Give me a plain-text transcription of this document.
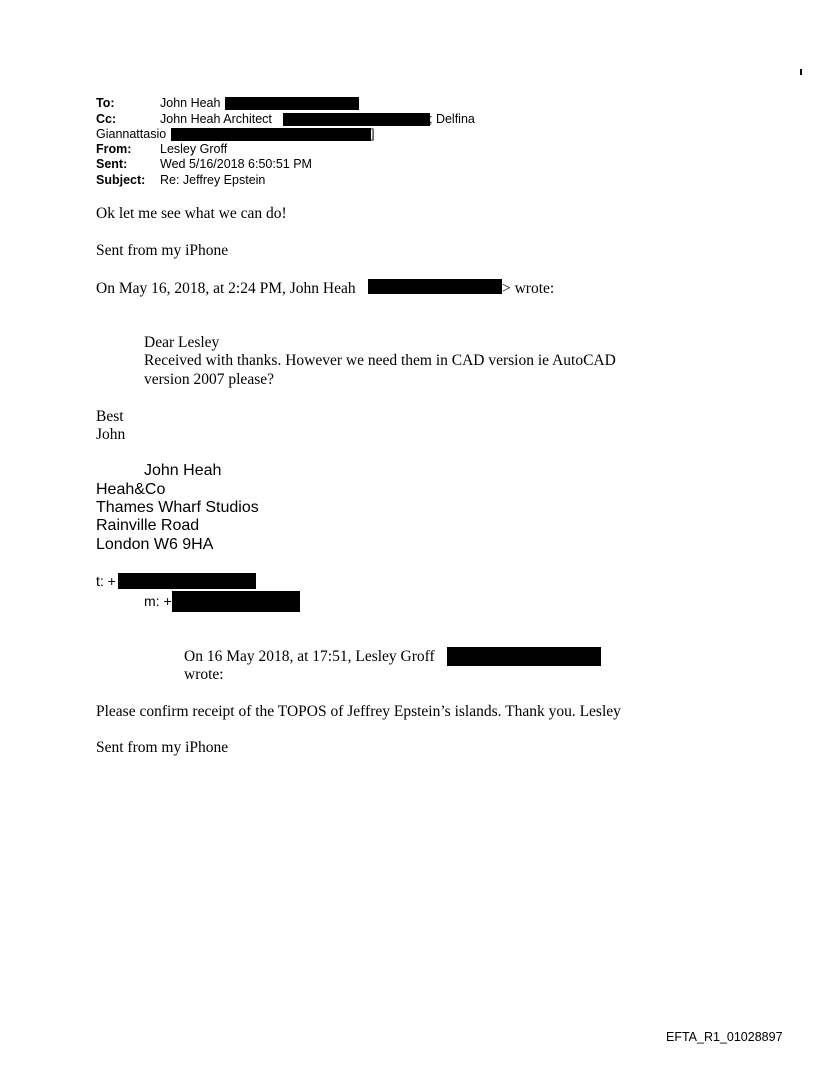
To:	John Heah
Cc:	John Heah Architect	; Delfina
Giannattasio	]
From: Lesley Groff
Sent:	Wed 5/16/2018 6:50:51 PM
Subject: Re: Jeffrey Epstein
Ok let me see what we can do!
Sent from my iPhone
On May 16, 2018, at 2:24 PM, John Heah	> wrote:
Dear Lesley
Received with thanks. However we need them in CAD version ie AutoCAD
version 2007 please?
Best
John
John Heah
Heah&Co
Thames Wharf Studios
Rainville Road
London W6 9HA
t: +
m: +
On 16 May 2018, at 17:51, Lesley Groff
wrote:
Please confirm receipt of the TOPOS of Jeffrey Epstein’s islands. Thank you. Lesley
Sent from my iPhone
EFTA_R1_01028897
